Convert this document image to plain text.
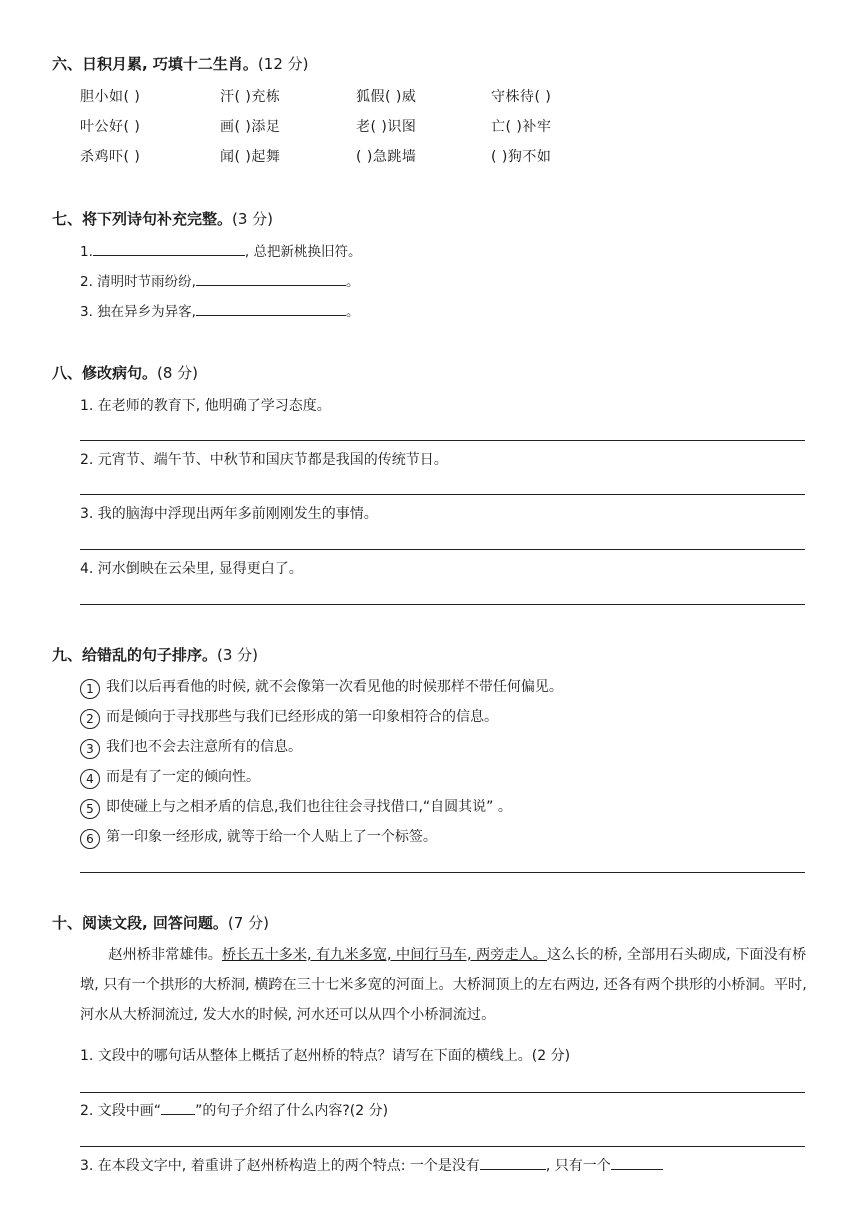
六、日积月累, 巧填十二生肖。(12 分)
胆小如( )	汗( )充栋	狐假( )威	守株待( )
叶公好( )	画( )添足	老( )识图	亡( )补牢
杀鸡吓( )	闻( )起舞	( )急跳墙	( )狗不如
七、将下列诗句补充完整。(3 分)
1.	, 总把新桃换旧符。
2. 清明时节雨纷纷,	。
3. 独在异乡为异客,	。
八、修改病句。(8 分)
1. 在老师的教育下, 他明确了学习态度。
2. 元宵节、端午节、中秋节和国庆节都是我国的传统节日。
3. 我的脑海中浮现出两年多前刚刚发生的事情。
4. 河水倒映在云朵里, 显得更白了。
九、给错乱的句子排序。(3 分)
1 我们以后再看他的时候, 就不会像第一次看见他的时候那样不带任何偏见。
2 而是倾向于寻找那些与我们已经形成的第一印象相符合的信息。
3 我们也不会去注意所有的信息。
4 而是有了一定的倾向性。
5 即使碰上与之相矛盾的信息,我们也往往会寻找借口,“自圆其说” 。
6 第一印象一经形成, 就等于给一个人贴上了一个标签。
十、阅读文段, 回答问题。(7 分)
赵州桥非常雄伟。桥长五十多米, 有九米多宽, 中间行马车, 两旁走人。这么长的桥, 全部用石头砌成, 下面没有桥墩, 只有一个拱形的大桥洞, 横跨在三十七米多宽的河面上。大桥洞顶上的左右两边, 还各有两个拱形的小桥洞。平时, 河水从大桥洞流过, 发大水的时候, 河水还可以从四个小桥洞流过。
1. 文段中的哪句话从整体上概括了赵州桥的特点？请写在下面的横线上。(2 分)
2. 文段中画“ ”的句子介绍了什么内容?(2 分)
3. 在本段文字中, 着重讲了赵州桥构造上的两个特点: 一个是没有	, 只有一个
